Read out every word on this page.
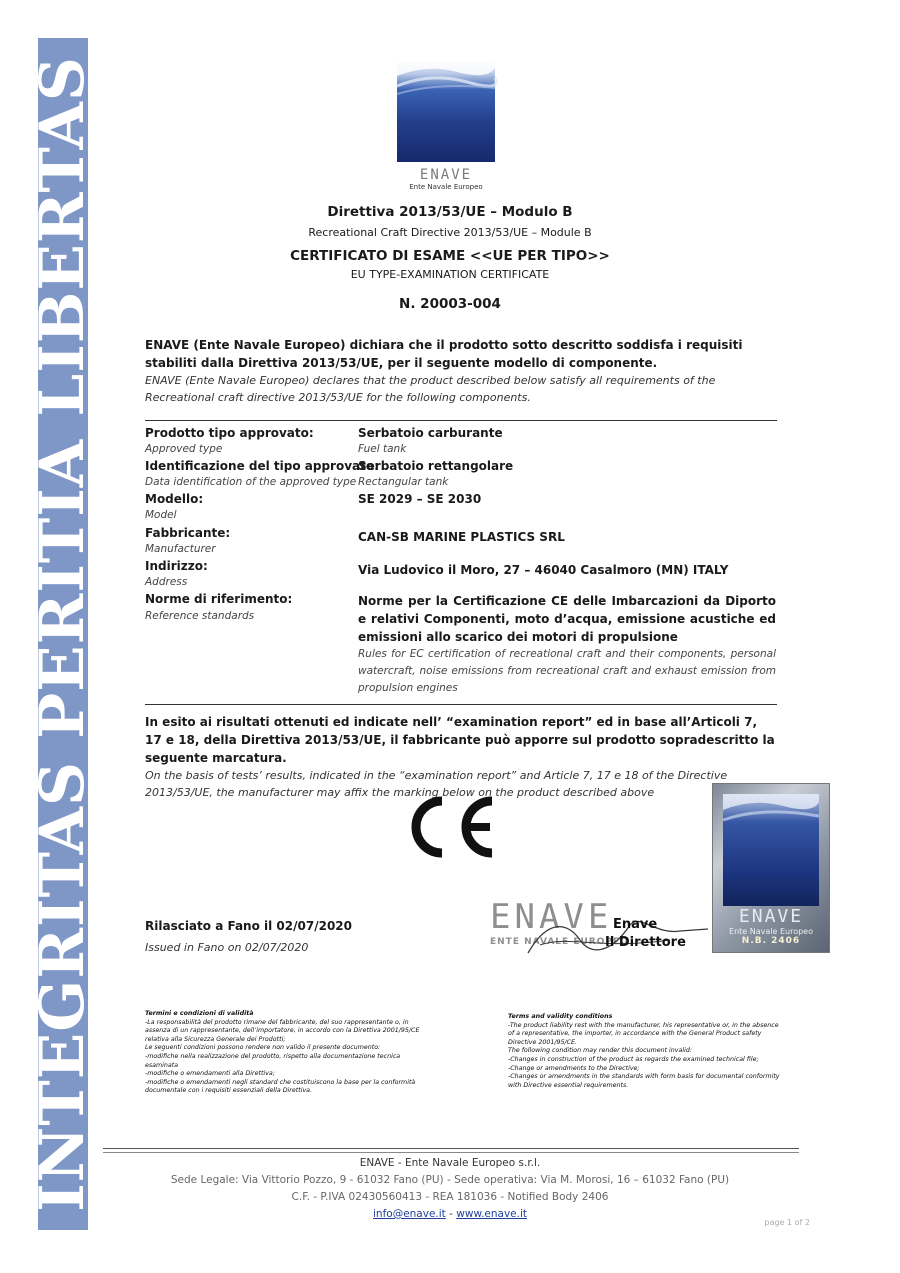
INTEGRITAS PERITIA LIBERTAS	ENAVE
Ente Navale Europeo
Direttiva 2013/53/UE – Modulo B
Recreational Craft Directive 2013/53/UE – Module B
CERTIFICATO DI ESAME <<UE PER TIPO>>
EU TYPE-EXAMINATION CERTIFICATE
N. 20003-004
ENAVE (Ente Navale Europeo) dichiara che il prodotto sotto descritto soddisfa i requisiti stabiliti dalla Direttiva 2013/53/UE, per il seguente modello di componente.
ENAVE (Ente Navale Europeo) declares that the product described below satisfy all requirements of the Recreational craft directive 2013/53/UE for the following components.
Prodotto tipo approvato:
Approved type
Serbatoio carburante
Fuel tank
Identificazione del tipo approvato:
Data identification of the approved type
Serbatoio rettangolare
Rectangular tank
Modello:
Model
SE 2029 – SE 2030
Fabbricante:
Manufacturer
CAN-SB MARINE PLASTICS SRL
Indirizzo:
Address
Via Ludovico il Moro, 27 – 46040 Casalmoro (MN) ITALY
Norme di riferimento:
Reference standards
Norme per la Certificazione CE delle Imbarcazioni da Diporto e relativi Componenti, moto d’acqua, emissione acustiche ed emissioni allo scarico dei motori di propulsione
Rules for EC certification of recreational craft and their components, personal watercraft, noise emissions from recreational craft and exhaust emission from propulsion engines
In esito ai risultati ottenuti ed indicate nell’ “examination report” ed in base all’Articoli 7, 17 e 18, della Direttiva 2013/53/UE, il fabbricante può apporre sul prodotto sopradescritto la seguente marcatura.
On the basis of tests’ results, indicated in the “examination report” and Article 7, 17 e 18 of the Directive 2013/53/UE, the manufacturer may affix the marking below on the product described above
Rilasciato a Fano il 02/07/2020
Issued in Fano on 02/07/2020
ENAVE
ENTE NAVALE EUROPEO
Enave
Il Direttore
ENAVE
Ente Navale Europeo
N.B. 2406
Termini e condizioni di validità
-La responsabilità del prodotto rimane del fabbricante, del suo rappresentante o, in assenza di un rappresentante, dell’importatore, in accordo con la Direttiva 2001/95/CE relativa alla Sicurezza Generale dei Prodotti;
Le seguenti condizioni possono rendere non valido il presente documento:
-modifiche nella realizzazione del prodotto, rispetto alla documentazione tecnica esaminata
-modifiche o emendamenti alla Direttiva;
-modifiche o emendamenti negli standard che costituiscono la base per la conformità documentale con i requisiti essenziali della Direttiva.
Terms and validity conditions
-The product liability rest with the manufacturer, his representative or, in the absence of a representative, the importer, in accordance with the General Product safety Directive 2001/95/CE.
The following condition may render this document invalid:
-Changes in construction of the product as regards the examined technical file;
-Change or amendments to the Directive;
-Changes or amendments in the standards with form basis for documental conformity with Directive essential requirements.
ENAVE - Ente Navale Europeo s.r.l.
Sede Legale: Via Vittorio Pozzo, 9 - 61032 Fano (PU) - Sede operativa: Via M. Morosi, 16 – 61032 Fano (PU)
C.F. - P.IVA 02430560413 - REA 181036 - Notified Body 2406
info@enave.it - www.enave.it
page 1 of 2
